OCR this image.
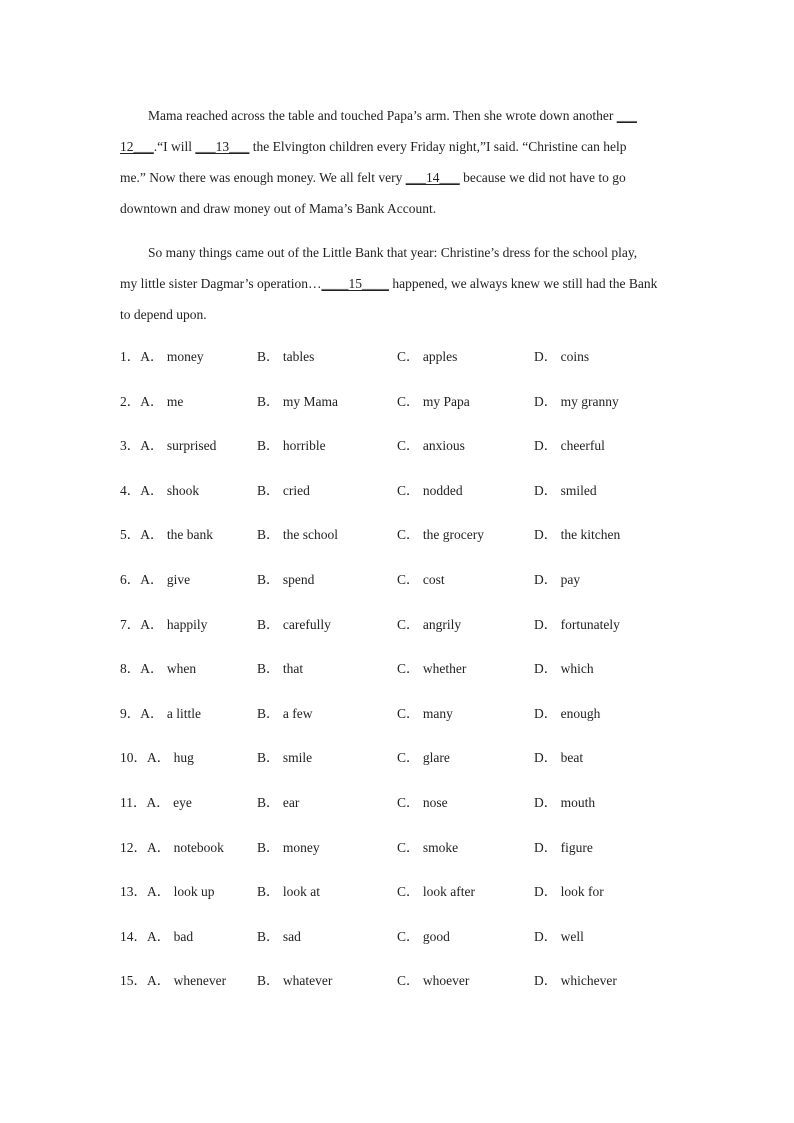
Mama reached across the table and touched Papa’s arm. Then she wrote down another ___

12___.“I will ___13___ the Elvington children every Friday night,”I said. “Christine can help

me.” Now there was enough money. We all felt very ___14___ because we did not have to go

downtown and draw money out of Mama’s Bank Account.

So many things came out of the Little Bank that year: Christine’s dress for the school play,

my little sister Dagmar’s operation…____15____ happened, we always knew we still had the Bank

to depend upon.

1．A． money	B． tables	C． apples	D． coins
2．A． me	B． my Mama	C． my Papa	D． my granny
3．A． surprised	B． horrible	C． anxious	D． cheerful
4．A． shook	B． cried	C． nodded	D． smiled
5．A． the bank	B． the school	C． the grocery	D． the kitchen
6．A． give	B． spend	C． cost	D． pay
7．A． happily	B． carefully	C． angrily	D． fortunately
8．A． when	B． that	C． whether	D． which
9．A． a little	B． a few	C． many	D． enough
10．A． hug	B． smile	C． glare	D． beat
11．A． eye	B． ear	C． nose	D． mouth
12．A． notebook B． money	C． smoke	D． figure
13．A． look up	B． look at	C． look after	D． look for
14．A． bad	B． sad	C． good	D． well
15．A． whenever B． whatever	C． whoever	D． whichever
